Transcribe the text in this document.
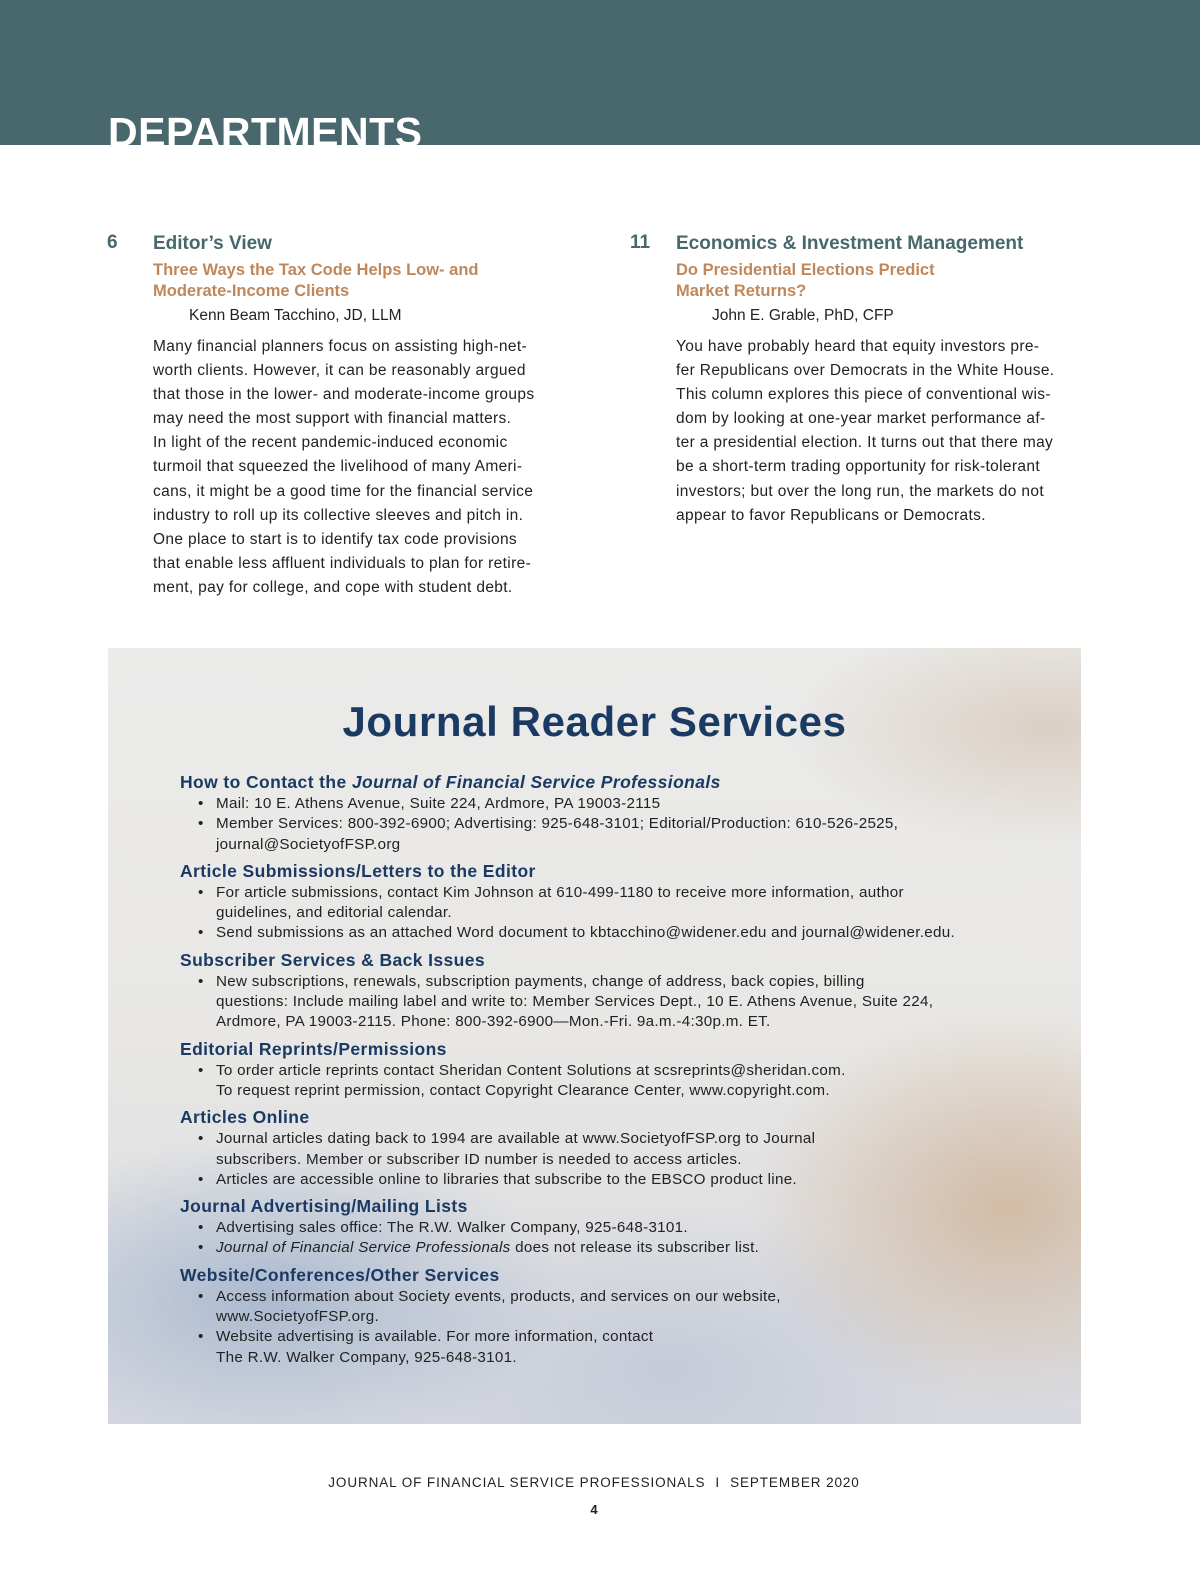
DEPARTMENTS
6 Editor’s View
Three Ways the Tax Code Helps Low- and
Moderate-Income Clients
Kenn Beam Tacchino, JD, LLM
Many financial planners focus on assisting high-net-
worth clients. However, it can be reasonably argued
that those in the lower- and moderate-income groups
may need the most support with financial matters.
In light of the recent pandemic-induced economic
turmoil that squeezed the livelihood of many Ameri-
cans, it might be a good time for the financial service
industry to roll up its collective sleeves and pitch in.
One place to start is to identify tax code provisions
that enable less affluent individuals to plan for retire-
ment, pay for college, and cope with student debt.
11 Economics & Investment Management
Do Presidential Elections Predict
Market Returns?
John E. Grable, PhD, CFP
You have probably heard that equity investors pre-
fer Republicans over Democrats in the White House.
This column explores this piece of conventional wis-
dom by looking at one-year market performance af-
ter a presidential election. It turns out that there may
be a short-term trading opportunity for risk-tolerant
investors; but over the long run, the markets do not
appear to favor Republicans or Democrats.
Journal Reader Services
How to Contact the Journal of Financial Service Professionals
• Mail: 10 E. Athens Avenue, Suite 224, Ardmore, PA 19003-2115
• Member Services: 800-392-6900; Advertising: 925-648-3101; Editorial/Production: 610-526-2525,
journal@SocietyofFSP.org
Article Submissions/Letters to the Editor
• For article submissions, contact Kim Johnson at 610-499-1180 to receive more information, author
guidelines, and editorial calendar.
• Send submissions as an attached Word document to kbtacchino@widener.edu and journal@widener.edu.
Subscriber Services & Back Issues
• New subscriptions, renewals, subscription payments, change of address, back copies, billing
questions: Include mailing label and write to: Member Services Dept., 10 E. Athens Avenue, Suite 224,
Ardmore, PA 19003-2115. Phone: 800-392-6900—Mon.-Fri. 9a.m.-4:30p.m. ET.
Editorial Reprints/Permissions
• To order article reprints contact Sheridan Content Solutions at scsreprints@sheridan.com.
To request reprint permission, contact Copyright Clearance Center, www.copyright.com.
Articles Online
• Journal articles dating back to 1994 are available at www.SocietyofFSP.org to Journal
subscribers. Member or subscriber ID number is needed to access articles.
• Articles are accessible online to libraries that subscribe to the EBSCO product line.
Journal Advertising/Mailing Lists
• Advertising sales office: The R.W. Walker Company, 925-648-3101.
• Journal of Financial Service Professionals does not release its subscriber list.
Website/Conferences/Other Services
• Access information about Society events, products, and services on our website,
www.SocietyofFSP.org.
• Website advertising is available. For more information, contact
The R.W. Walker Company, 925-648-3101.
JOURNAL OF FINANCIAL SERVICE PROFESSIONALS I SEPTEMBER 2020
4
